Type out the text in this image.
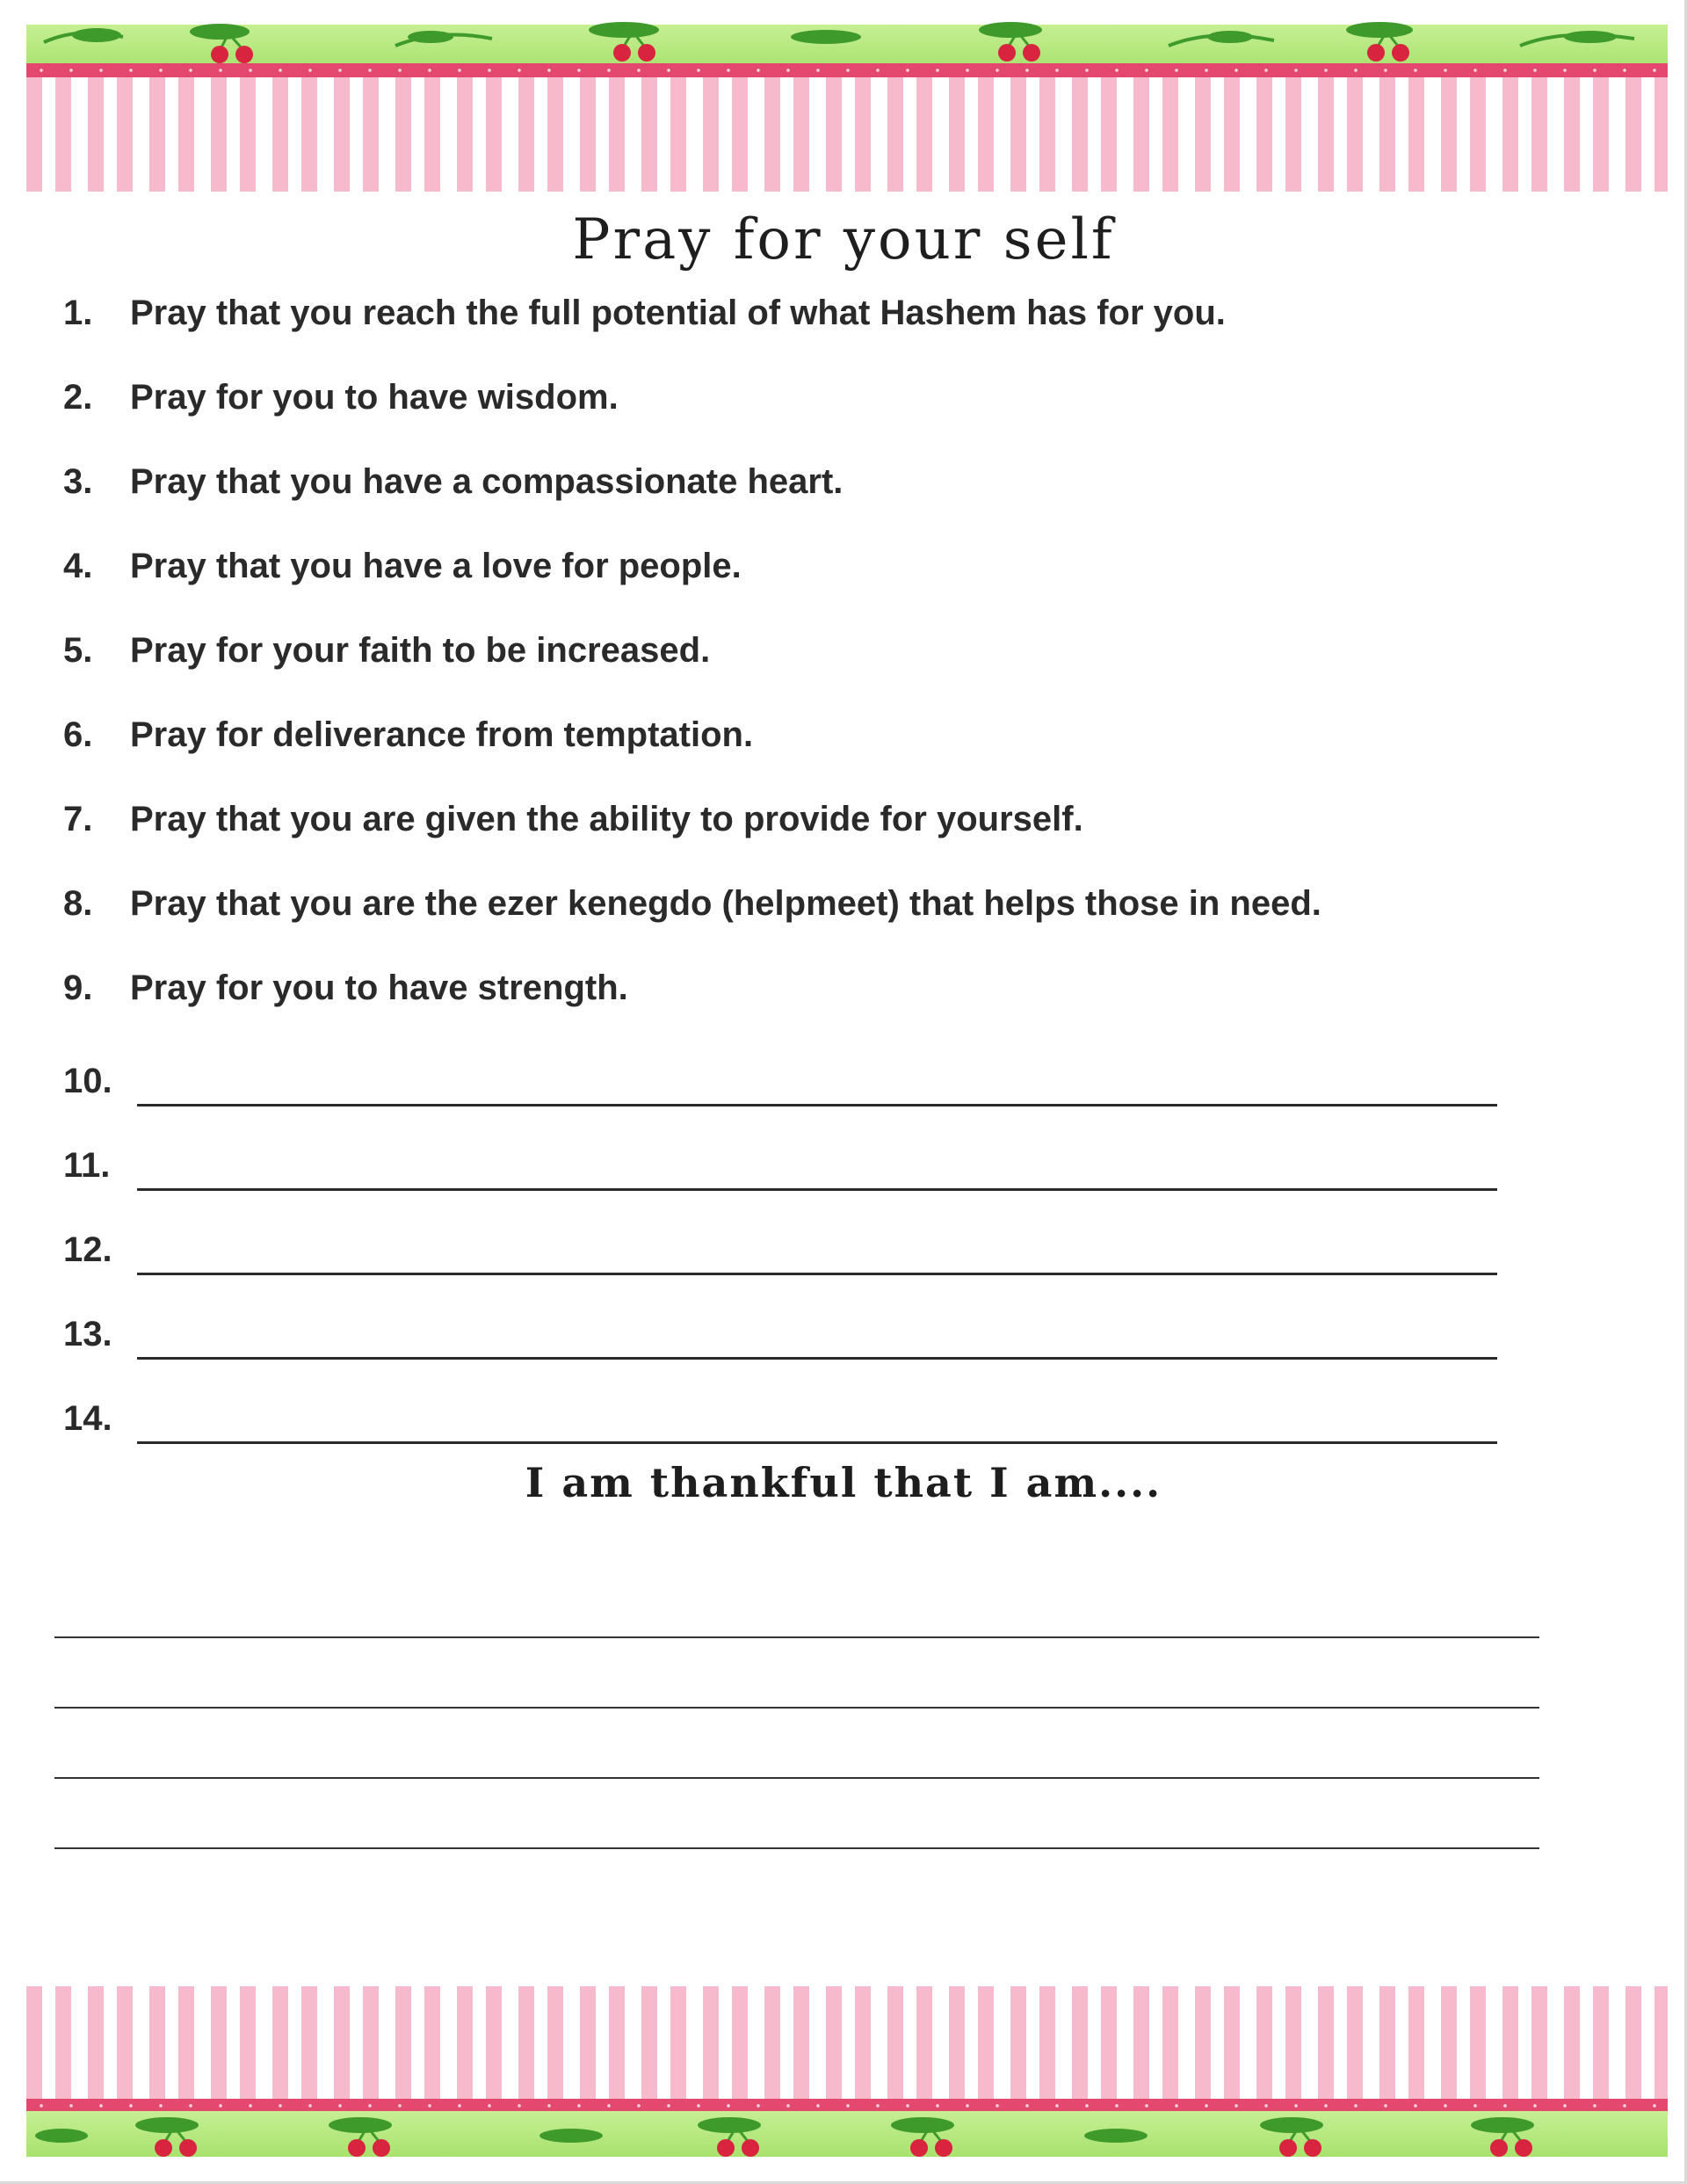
Pray for your self
1. Pray that you reach the full potential of what Hashem has for you.
2. Pray for you to have wisdom.
3. Pray that you have a compassionate heart.
4. Pray that you have a love for people.
5. Pray for your faith to be increased.
6. Pray for deliverance from temptation.
7. Pray that you are given the ability to provide for yourself.
8. Pray that you are the ezer kenegdo (helpmeet) that helps those in need.
9. Pray for you to have strength.
10.
11.
12.
13.
14.
I am thankful that I am....
